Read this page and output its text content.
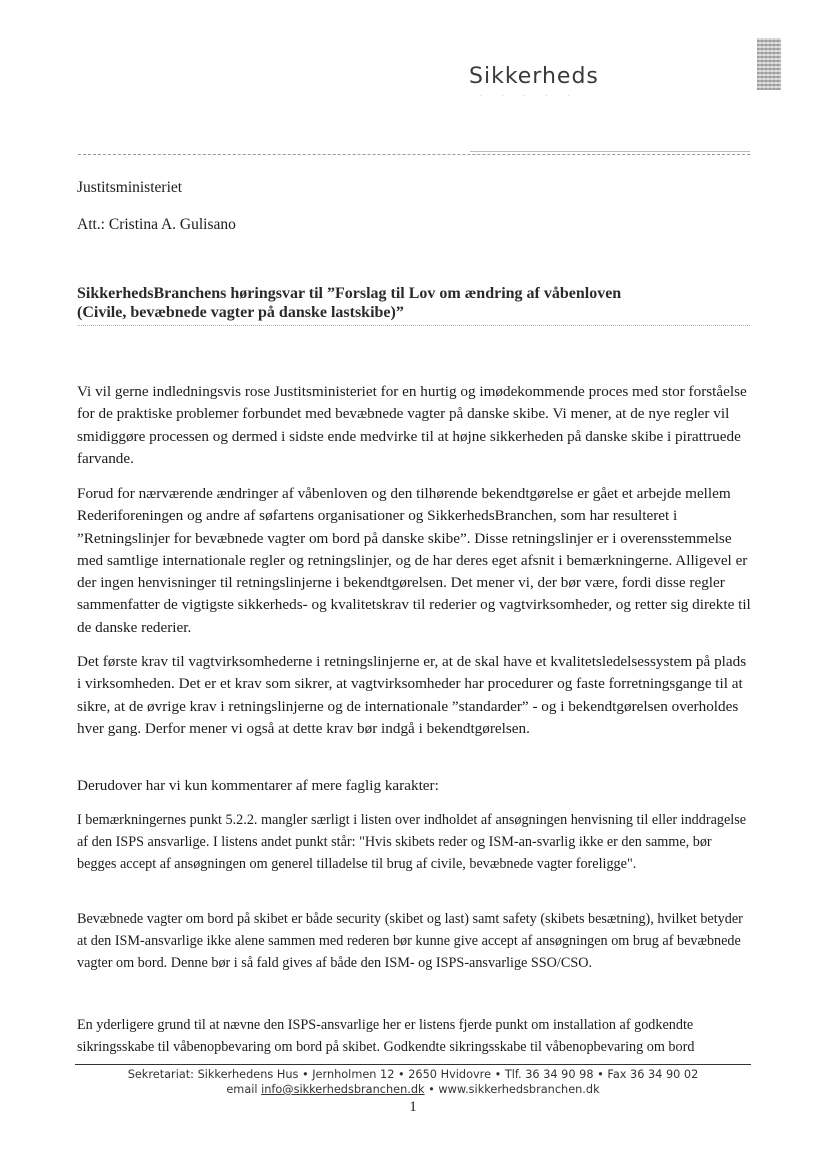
Sikkerheds
· · · · ·
Justitsministeriet
Att.: Cristina A. Gulisano
SikkerhedsBranchens høringsvar til ”Forslag til Lov om ændring af våbenloven
(Civile, bevæbnede vagter på danske lastskibe)”

Vi vil gerne indledningsvis rose Justitsministeriet for en hurtig og imødekommende proces med stor forståelse for de praktiske problemer forbundet med bevæbnede vagter på danske skibe. Vi mener, at de nye regler vil smidiggøre processen og dermed i sidste ende medvirke til at højne sikkerheden på danske skibe i pirattruede farvande.

Forud for nærværende ændringer af våbenloven og den tilhørende bekendtgørelse er gået et arbejde mellem Rederiforeningen og andre af søfartens organisationer og SikkerhedsBranchen, som har resulteret i ”Retningslinjer for bevæbnede vagter om bord på danske skibe”. Disse retningslinjer er i overensstemmelse med samtlige internationale regler og retningslinjer, og de har deres eget afsnit i bemærkningerne. Alligevel er der ingen henvisninger til retningslinjerne i bekendtgørelsen. Det mener vi, der bør være, fordi disse regler sammenfatter de vigtigste sikkerheds- og kvalitetskrav til rederier og vagtvirksomheder, og retter sig direkte til de danske rederier.

Det første krav til vagtvirksomhederne i retningslinjerne er, at de skal have et kvalitetsledelsessystem på plads i virksomheden. Det er et krav som sikrer, at vagtvirksomheder har procedurer og faste forretningsgange til at sikre, at de øvrige krav i retningslinjerne og de internationale ”standarder” - og i bekendtgørelsen overholdes hver gang. Derfor mener vi også at dette krav bør indgå i bekendtgørelsen.

Derudover har vi kun kommentarer af mere faglig karakter:

I bemærkningernes punkt 5.2.2. mangler særligt i listen over indholdet af ansøgningen henvisning til eller inddragelse af den ISPS ansvarlige. I listens andet punkt står: "Hvis skibets reder og ISM-an-svarlig ikke er den samme, bør begges accept af ansøgningen om generel tilladelse til brug af civile, bevæbnede vagter foreligge".

Bevæbnede vagter om bord på skibet er både security (skibet og last) samt safety (skibets besætning), hvilket betyder at den ISM-ansvarlige ikke alene sammen med rederen bør kunne give accept af ansøgningen om brug af bevæbnede vagter om bord. Denne bør i så fald gives af både den ISM- og ISPS-ansvarlige SSO/CSO.

En yderligere grund til at nævne den ISPS-ansvarlige her er listens fjerde punkt om installation af godkendte sikringsskabe til våbenopbevaring om bord på skibet. Godkendte sikringsskabe til våbenopbevaring om bord

Sekretariat: Sikkerhedens Hus • Jernholmen 12 • 2650 Hvidovre • Tlf. 36 34 90 98 • Fax 36 34 90 02
email info@sikkerhedsbranchen.dk • www.sikkerhedsbranchen.dk
1
